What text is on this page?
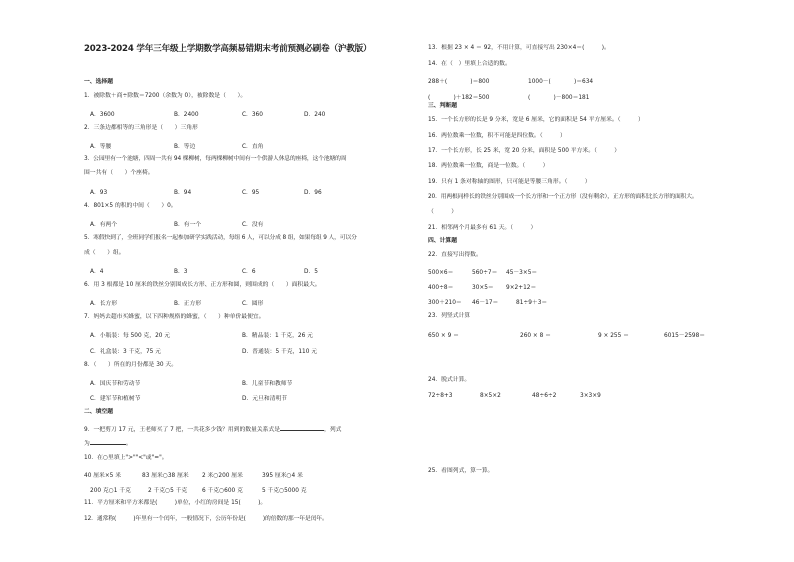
2023-2024 学年三年级上学期数学高频易错期末考前预测必刷卷（沪教版）
一、选择题
1．被除数＋商÷除数＝7200（余数为 0），被除数是（　　）。
A．3600	B．2400	C．360	D．240
2．三条边都相等的三角形是（　　）三角形
A．等腰	B．等边	C．直角
3．公园里有一个池塘，四周一共有 94 棵柳树，每两棵柳树中间有一个供游人休息的座椅，这个池塘的周
围一共有（　　）个座椅。
A．93	B．94	C．95	D．96
4．801×5 的积的中间（　　）0。
A．有两个	B．有一个	C．没有
5．寒假快到了，全班同学们报名一起参加研学实践活动，每组 6 人，可以分成 8 组，如果每组 9 人，可以分
成（　　）组。
A．4	B．3	C．6	D．5
6．用 3 根都是 10 厘米的铁丝分别围成长方形、正方形和圆，则围成的（　　）面积最大。
A．长方形	B．正方形	C．圆形
7．妈妈去超市买蜂蜜，以下四种规格的蜂蜜，（　　）种单价最便宜。
A．小瓶装：每 500 克，20 元	B．精品装：1 千克，26 元
C．礼盒装：3 千克，75 元	D．普通装：5 千克，110 元
8．（　　）所在的月份都是 30 天。
A．国庆节和劳动节	B．儿童节和教师节
C．建军节和植树节	D．元旦和清明节
二、填空题
9．一把剪刀 17 元，王老师买了 7 把，一共花多少钱？用到的数量关系式是	，列式
为	。
10．在○里填上">""<"或"="。
40 厘米×5 米	83 厘米○38 厘米 2 米○200 厘米	395 厘米○4 米
200 克○1 千克	2 千克○5 千克	6 千克○600 克	5 千克○5000 克
11．平方厘米和平方米都是(　　　)单位，小红的房间是 15(　　　)。
12．通常称(　　　)年里有一个闰年，一般情况下，公历年份是(　　　)的倍数的那一年是闰年。
13．根据 23 × 4 ＝ 92，不用计算，可直接写出 230×4＝(　　　)。
14．在（　）里填上合适的数。
288＋(　　　　)＝800	1000－(　　　　)＝634
(　　　　)＋182＝500	(　　　　)－800＝181
三、判断题
15．一个长方形的长是 9 分米，宽是 6 厘米，它的面积是 54 平方厘米。（　　　）
16．两位数乘一位数，积不可能是四位数。（　　　）
17．一个长方形，长 25 米，宽 20 分米，面积是 500 平方米。（　　　）
18．两位数乘一位数，商是一位数。（　　　）
19．只有 1 条对称轴的图形，只可能是等腰三角形。（　　　）
20．用两根同样长的铁丝分别围成一个长方形和一个正方形（没有剩余），正方形的面积比长方形的面积大。
（　　　）
21．相邻两个月最多有 61 天。（　　　）
四、计算题
22．直接写出得数。
500×6＝	560÷7＝ 45－3×5＝
400÷8＝	30×5＝ 9×2+12＝
300＋210＝ 46－17＝	81÷9＋3＝
23．列竖式计算
650 × 9 ＝	260 × 8 ＝	9 × 255 ＝	6015－2598＝
24．脱式计算。
72÷8+3	8×5×2	48÷6÷2	3×3×9
25．看图列式，算一算。
